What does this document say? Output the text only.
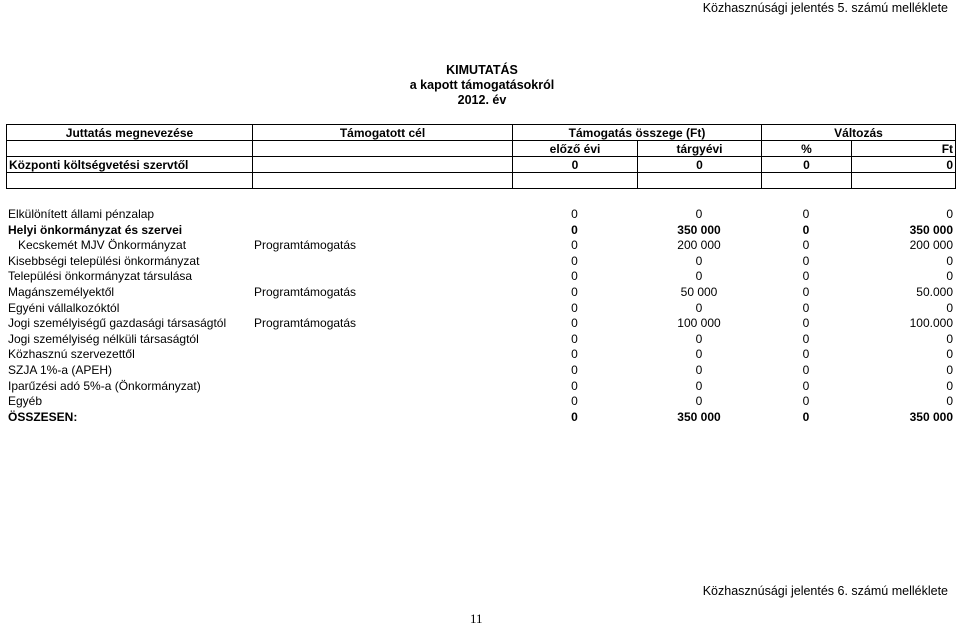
Közhasznúsági jelentés 5. számú melléklete
KIMUTATÁS
a kapott támogatásokról
2012. év
Juttatás megnevezése	Támogatott cél	Támogatás összege (Ft)		Változás	
		előző évi	tárgyévi	%	Ft
Központi költségvetési szervtől		0	0	0	0

Elkülönített állami pénzalap		0	0	0	0
Helyi önkormányzat és szervei		0	350 000	0	350 000
Kecskemét MJV Önkormányzat	Programtámogatás	0	200 000	0	200 000
Kisebbségi települési önkormányzat		0	0	0	0
Települési önkormányzat társulása		0	0	0	0
Magánszemélyektől	Programtámogatás	0	50 000	0	50.000
Egyéni vállalkozóktól		0	0	0	0
Jogi személyiségű gazdasági társaságtól	Programtámogatás	0	100 000	0	100.000
Jogi személyiség nélküli társaságtól		0	0	0	0
Közhasznú szervezettől		0	0	0	0
SZJA 1%-a (APEH)		0	0	0	0
Iparűzési adó 5%-a (Önkormányzat)		0	0	0	0
Egyéb		0	0	0	0
ÖSSZESEN:		0	350 000	0	350 000
Közhasznúsági jelentés 6. számú melléklete
11
